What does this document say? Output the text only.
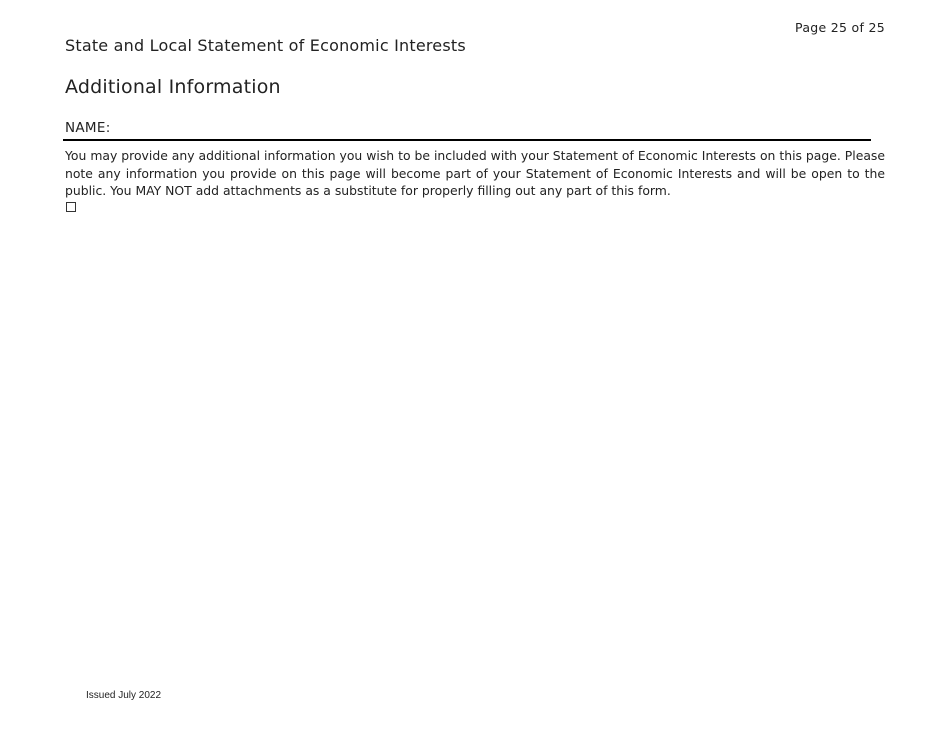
Page 25 of 25
State and Local Statement of Economic Interests
Additional Information
NAME:

You may provide any additional information you wish to be included with your Statement of Economic Interests on this page. Please note any information you provide on this page will become part of your Statement of Economic Interests and will be open to the public. You MAY NOT add attachments as a substitute for properly filling out any part of this form.

Issued July 2022
